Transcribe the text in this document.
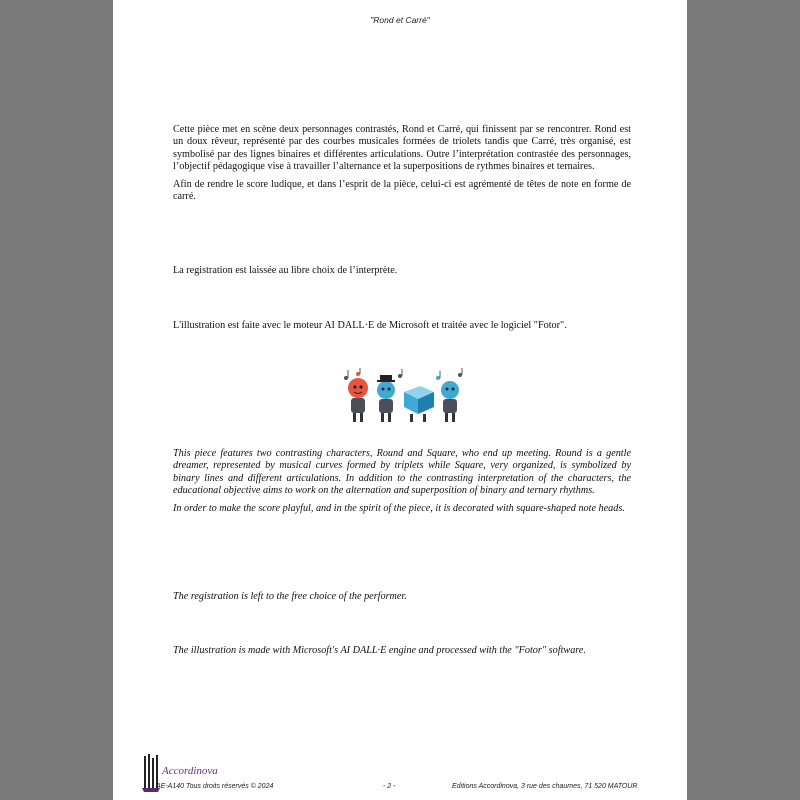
"Rond et Carré"

Cette pièce met en scène deux personnages contrastés, Rond et Carré, qui finissent par se rencontrer. Rond est un doux rêveur, représenté par des courbes musicales formées de triolets tandis que Carré, très organisé, est symbolisé par des lignes binaires et différentes articulations. Outre l’interprétation contrastée des personnages, l’objectif pédagogique vise à travailler l’alternance et la superpositions de rythmes binaires et ternaires.

Afin de rendre le score ludique, et dans l’esprit de la pièce, celui-ci est agrémenté de têtes de note en forme de carré.

La registration est laissée au libre choix de l’interprète.
L'illustration est faite avec le moteur AI DALL·E de Microsoft et traitée avec le logiciel "Fotor".

This piece features two contrasting characters, Round and Square, who end up meeting. Round is a gentle dreamer, represented by musical curves formed by triplets while Square, very organized, is symbolized by binary lines and different articulations. In addition to the contrasting interpretation of the characters, the educational objective aims to work on the alternation and superposition of binary and ternary rhythms.

In order to make the score playful, and in the spirit of the piece, it is decorated with square-shaped note heads.

The registration is left to the free choice of the performer.
The illustration is made with Microsoft's AI DALL·E engine and processed with the "Fotor" software.
Accordinova
AE-A140 Tous droits réservés © 2024	- 2 -	Editions Accordinova, 3 rue des chaumes, 71 520 MATOUR
